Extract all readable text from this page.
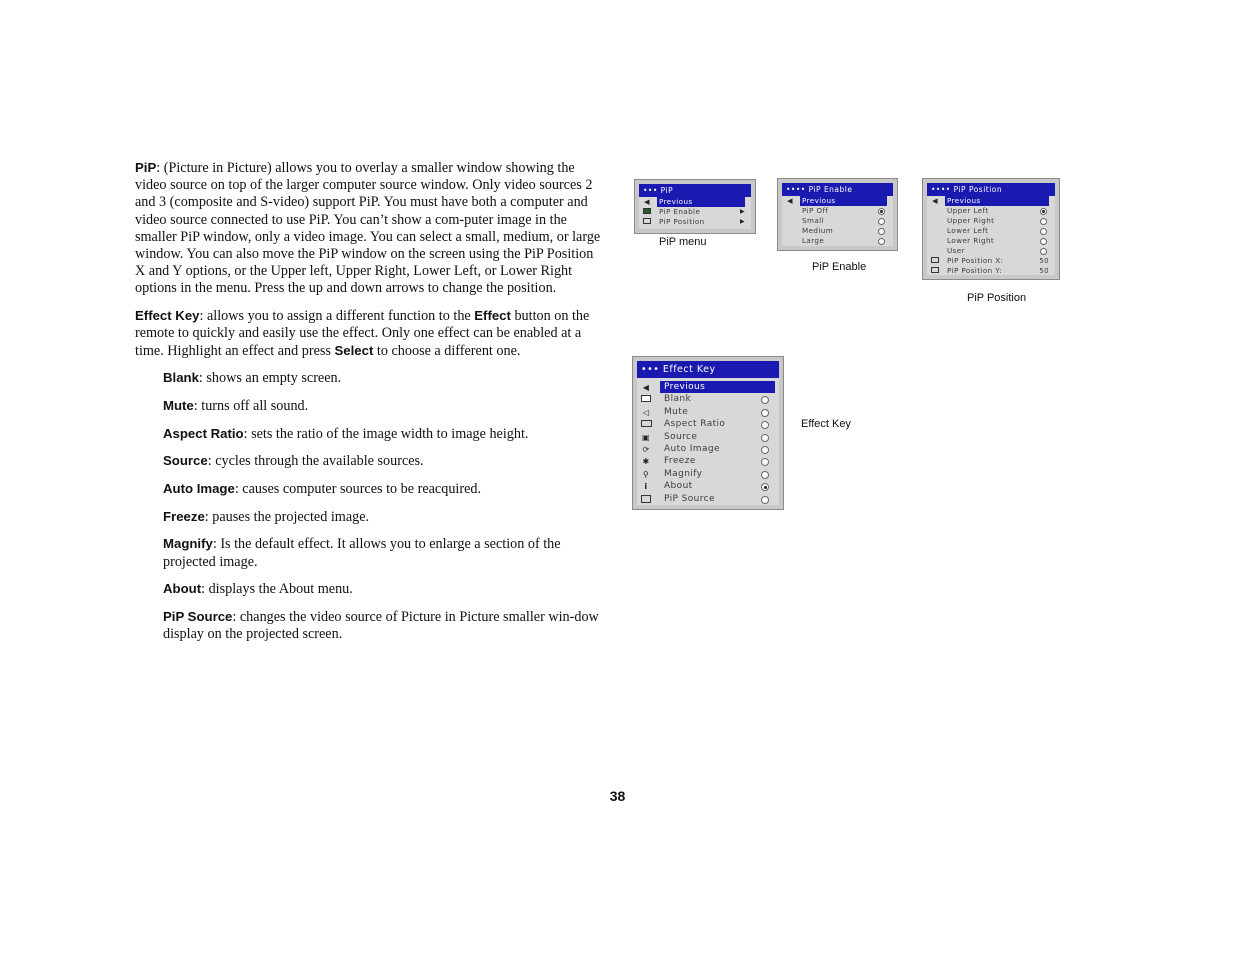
PiP: (Picture in Picture) allows you to overlay a smaller window showing the video source on top of the larger computer source window. Only video sources 2 and 3 (composite and S-video) support PiP. You must have both a computer and video source connected to use PiP. You can’t show a com-puter image in the smaller PiP window, only a video image. You can select a small, medium, or large window. You can also move the PiP window on the screen using the PiP Position X and Y options, or the Upper left, Upper Right, Lower Left, or Lower Right options in the menu. Press the up and down arrows to change the position.

Effect Key: allows you to assign a different function to the Effect button on the remote to quickly and easily use the effect. Only one effect can be enabled at a time. Highlight an effect and press Select to choose a different one.

Blank: shows an empty screen.

Mute: turns off all sound.

Aspect Ratio: sets the ratio of the image width to image height.

Source: cycles through the available sources.

Auto Image: causes computer sources to be reacquired.

Freeze: pauses the projected image.

Magnify: Is the default effect. It allows you to enlarge a section of the projected image.

About: displays the About menu.

PiP Source: changes the video source of Picture in Picture smaller win-dow display on the projected screen.

••• PiP
◀ Previous
PiP Enable	▶
PiP Position	▶
PiP menu
•••• PiP Enable
◀ Previous
PiP Off
Small
Medium
Large
PiP Enable
•••• PiP Position
◀ Previous
Upper Left
Upper Right
Lower Left
Lower Right
User
PiP Position X:	50
PiP Position Y:	50
PiP Position
••• Effect Key
◀	Previous
Blank
◁	Mute
Aspect Ratio
▣ Source
⟳ Auto Image
✱ Freeze
⚲	Magnify
i	About
PiP Source
Effect Key
38
